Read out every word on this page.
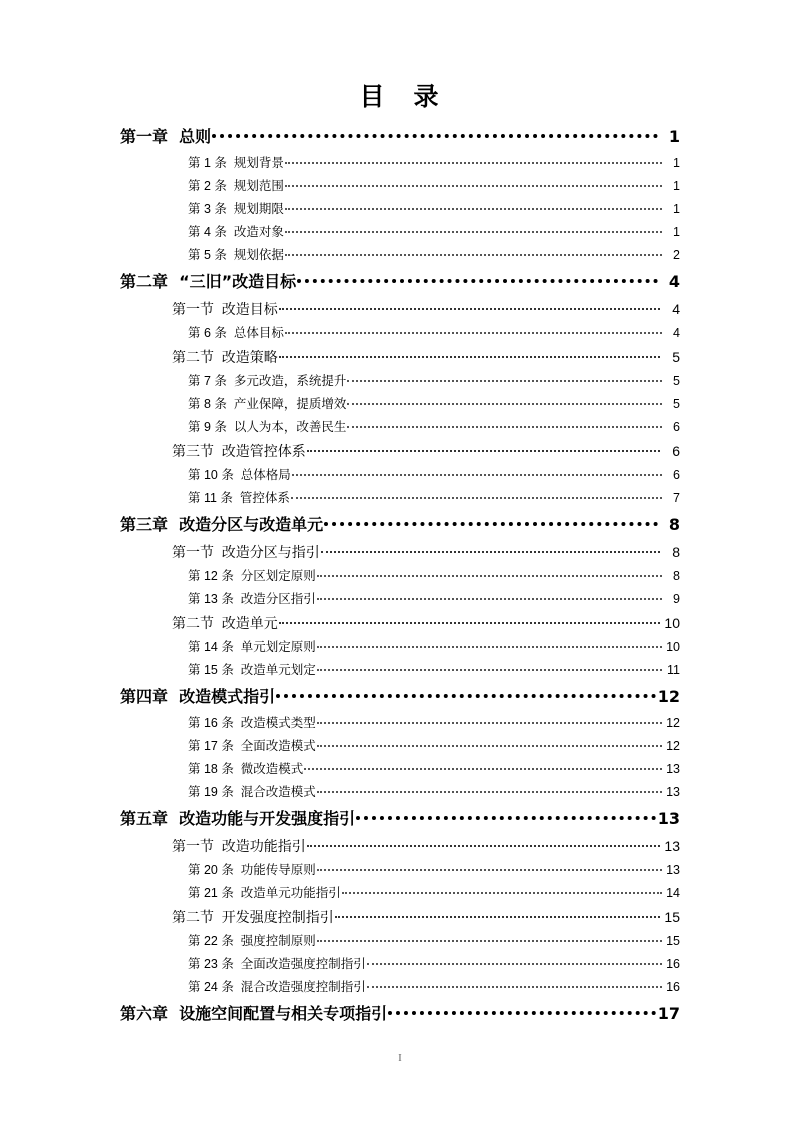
目　录
第一章  总则	1
第 1 条  规划背景	1
第 2 条  规划范围	1
第 3 条  规划期限	1
第 4 条  改造对象	1
第 5 条  规划依据	2
第二章  “三旧”改造目标	4
第一节  改造目标	4
第 6 条  总体目标	4
第二节  改造策略	5
第 7 条  多元改造，系统提升	5
第 8 条  产业保障，提质增效	5
第 9 条  以人为本，改善民生	6
第三节  改造管控体系	6
第 10 条  总体格局	6
第 11 条  管控体系	7
第三章  改造分区与改造单元	8
第一节  改造分区与指引	8
第 12 条  分区划定原则	8
第 13 条  改造分区指引	9
第二节  改造单元	10
第 14 条  单元划定原则	10
第 15 条  改造单元划定	11
第四章  改造模式指引	12
第 16 条  改造模式类型	12
第 17 条  全面改造模式	12
第 18 条  微改造模式	13
第 19 条  混合改造模式	13
第五章  改造功能与开发强度指引	13
第一节  改造功能指引	13
第 20 条  功能传导原则	13
第 21 条  改造单元功能指引	14
第二节  开发强度控制指引	15
第 22 条  强度控制原则	15
第 23 条  全面改造强度控制指引	16
第 24 条  混合改造强度控制指引	16
第六章  设施空间配置与相关专项指引	17
I
